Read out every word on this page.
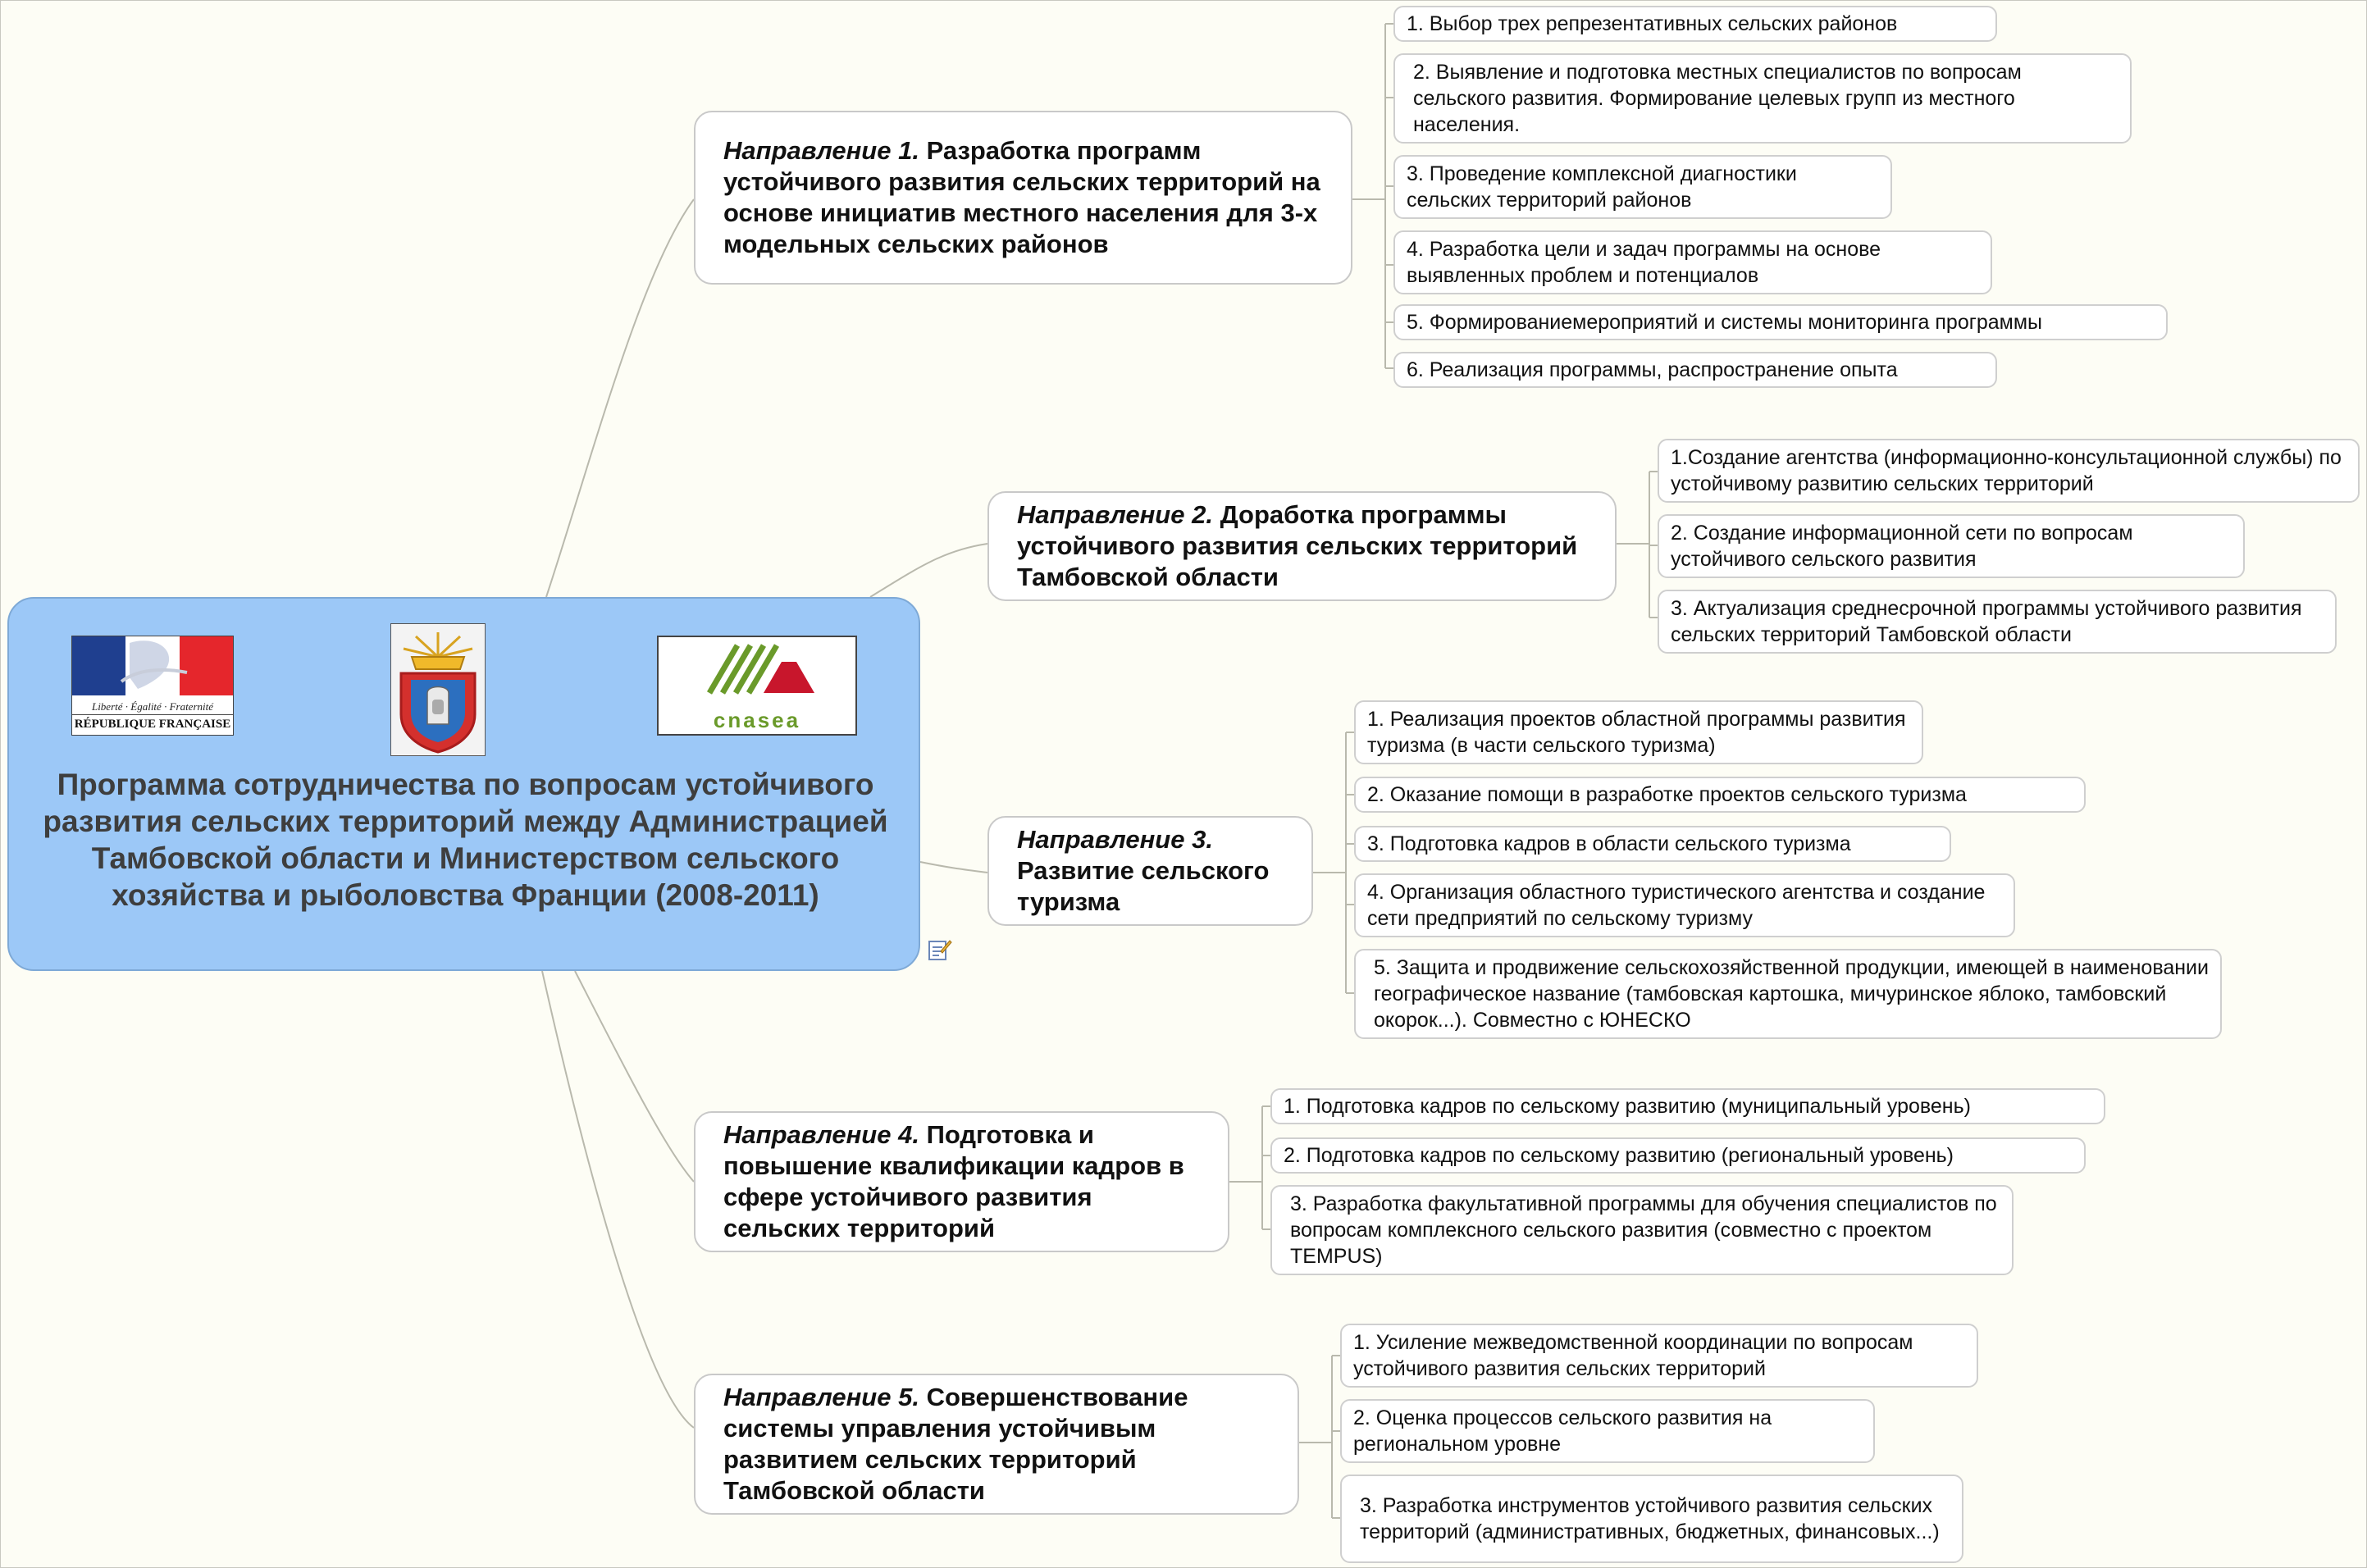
Liberté · Égalité · Fraternité
RÉPUBLIQUE FRANÇAISE	cnasea
Программа сотрудничества по вопросам устойчивого развития сельских территорий между Администрацией Тамбовской области и Министерством сельского хозяйства и рыболовства Франции (2008-2011)
Направление 1. Разработка программ устойчивого развития сельских территорий на основе инициатив местного населения для 3-х модельных сельских районов
1. Выбор трех репрезентативных сельских районов
2. Выявление и подготовка местных специалистов по вопросам сельского развития. Формирование целевых групп из местного населения.
3. Проведение комплексной диагностики сельских территорий районов
4. Разработка цели и задач программы на основе выявленных проблем и потенциалов
5. Формированиемероприятий и системы мониторинга программы
6. Реализация программы, распространение опыта
Направление 2. Доработка программы устойчивого развития сельских территорий Тамбовской области
1.Создание агентства (информационно-консультационной службы) по устойчивому развитию сельских территорий
2. Создание информационной сети по вопросам устойчивого сельского развития
3. Актуализация среднесрочной программы устойчивого развития сельских территорий Тамбовской области
Направление 3. Развитие сельского туризма
1. Реализация проектов областной программы развития туризма (в части сельского туризма)
2. Оказание помощи в разработке проектов сельского туризма
3. Подготовка кадров в области сельского туризма
4. Организация областного туристического агентства и создание сети предприятий по сельскому туризму
5. Защита и продвижение сельскохозяйственной продукции, имеющей в наименовании географическое название (тамбовская картошка, мичуринское яблоко, тамбовский окорок...). Совместно с ЮНЕСКО
Направление 4. Подготовка и повышение квалификации кадров в сфере устойчивого развития сельских территорий
1. Подготовка кадров по сельскому развитию (муниципальный уровень)
2. Подготовка кадров по сельскому развитию (региональный уровень)
3. Разработка факультативной программы для обучения специалистов по вопросам комплексного сельского развития (совместно с проектом TEMPUS)
Направление 5. Совершенствование системы управления устойчивым развитием сельских территорий Тамбовской области
1. Усиление межведомственной координации по вопросам устойчивого развития сельских территорий
2. Оценка процессов сельского развития на региональном уровне
3. Разработка инструментов устойчивого развития сельских территорий (административных, бюджетных, финансовых...)
